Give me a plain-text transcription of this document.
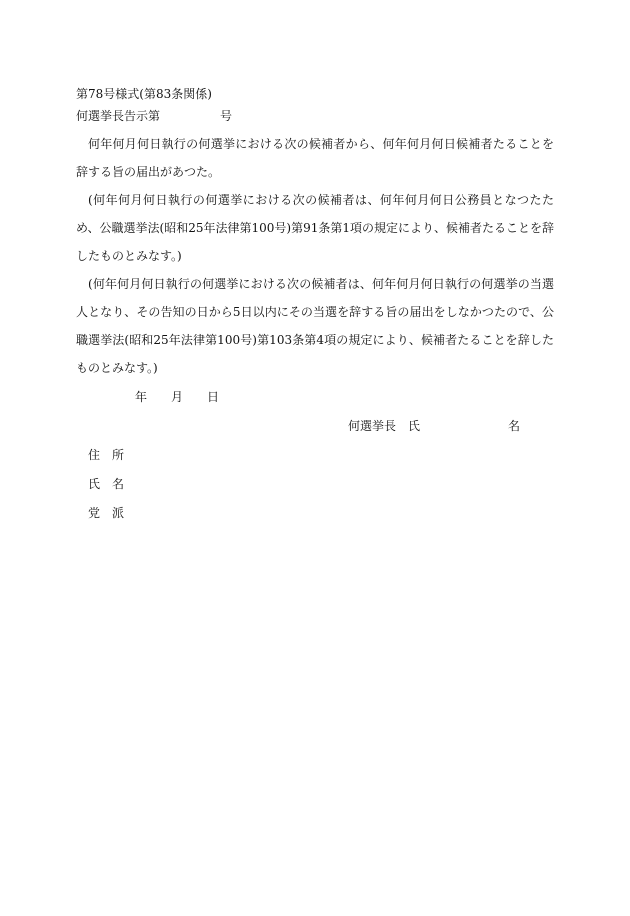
第78号様式(第83条関係)
何選挙長告示第	号
何年何月何日執行の何選挙における次の候補者から、何年何月何日候補者たることを辞する旨の届出があつた。
(何年何月何日執行の何選挙における次の候補者は、何年何月何日公務員となつたため、公職選挙法(昭和25年法律第100号)第91条第1項の規定により、候補者たることを辞したものとみなす。)
(何年何月何日執行の何選挙における次の候補者は、何年何月何日執行の何選挙の当選人となり、その告知の日から5日以内にその当選を辞する旨の届出をしなかつたので、公職選挙法(昭和25年法律第100号)第103条第4項の規定により、候補者たることを辞したものとみなす。)
年 月 日
何選挙長 氏	名
住 所
氏 名
党 派
